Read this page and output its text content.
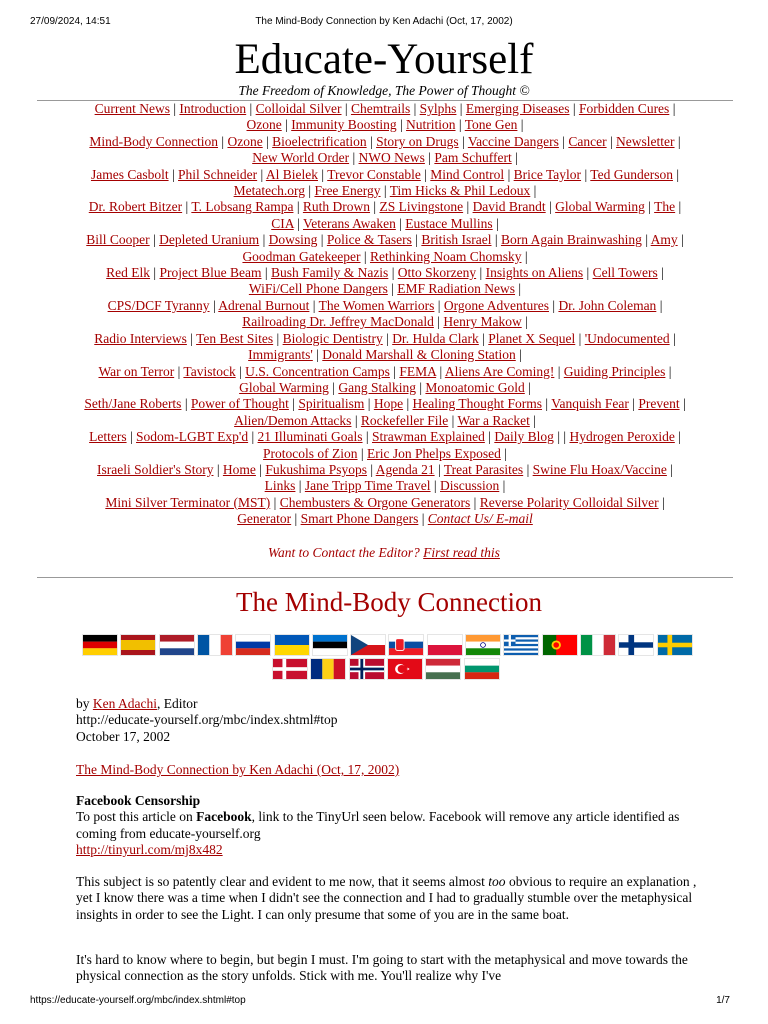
27/09/2024, 14:51	The Mind-Body Connection by Ken Adachi (Oct, 17, 2002)
Educate-Yourself
The Freedom of Knowledge, The Power of Thought ©
Current News | Introduction | Colloidal Silver | Chemtrails | Sylphs | Emerging Diseases | Forbidden Cures |
Ozone | Immunity Boosting | Nutrition | Tone Gen |
Mind-Body Connection | Ozone | Bioelectrification | Story on Drugs | Vaccine Dangers | Cancer | Newsletter |
New World Order | NWO News | Pam Schuffert |
James Casbolt | Phil Schneider | Al Bielek | Trevor Constable | Mind Control | Brice Taylor | Ted Gunderson |
Metatech.org | Free Energy | Tim Hicks & Phil Ledoux |
Dr. Robert Bitzer | T. Lobsang Rampa | Ruth Drown | ZS Livingstone | David Brandt | Global Warming | The |
CIA | Veterans Awaken | Eustace Mullins |
Bill Cooper | Depleted Uranium | Dowsing | Police & Tasers | British Israel | Born Again Brainwashing | Amy |
Goodman Gatekeeper | Rethinking Noam Chomsky |
Red Elk | Project Blue Beam | Bush Family & Nazis | Otto Skorzeny | Insights on Aliens | Cell Towers |
WiFi/Cell Phone Dangers | EMF Radiation News |
CPS/DCF Tyranny | Adrenal Burnout | The Women Warriors | Orgone Adventures | Dr. John Coleman |
Railroading Dr. Jeffrey MacDonald | Henry Makow |
Radio Interviews | Ten Best Sites | Biologic Dentistry | Dr. Hulda Clark | Planet X Sequel | 'Undocumented |
Immigrants' | Donald Marshall & Cloning Station |
War on Terror | Tavistock | U.S. Concentration Camps | FEMA | Aliens Are Coming! | Guiding Principles |
Global Warming | Gang Stalking | Monoatomic Gold |
Seth/Jane Roberts | Power of Thought | Spiritualism | Hope | Healing Thought Forms | Vanquish Fear | Prevent |
Alien/Demon Attacks | Rockefeller File | War a Racket |
Letters | Sodom-LGBT Exp'd | 21 Illuminati Goals | Strawman Explained | Daily Blog | | Hydrogen Peroxide |
Protocols of Zion | Eric Jon Phelps Exposed |
Israeli Soldier's Story | Home | Fukushima Psyops | Agenda 21 | Treat Parasites | Swine Flu Hoax/Vaccine |
Links | Jane Tripp Time Travel | Discussion |
Mini Silver Terminator (MST) | Chembusters & Orgone Generators | Reverse Polarity Colloidal Silver |
Generator | Smart Phone Dangers | Contact Us/ E-mail
Want to Contact the Editor? First read this
The Mind-Body Connection

by Ken Adachi, Editor

http://educate-yourself.org/mbc/index.shtml#top

October 17, 2002

The Mind-Body Connection by Ken Adachi (Oct, 17, 2002)

Facebook Censorship

To post this article on Facebook, link to the TinyUrl seen below. Facebook will remove any article identified as coming from educate-yourself.org

http://tinyurl.com/mj8x482

This subject is so patently clear and evident to me now, that it seems almost too obvious to require an explanation , yet I know there was a time when I didn't see the connection and I had to gradually stumble over the metaphysical insights in order to see the Light. I can only presume that some of you are in the same boat.

It's hard to know where to begin, but begin I must. I'm going to start with the metaphysical and move towards the physical connection as the story unfolds. Stick with me. You'll realize why I've

https://educate-yourself.org/mbc/index.shtml#top	1/7
